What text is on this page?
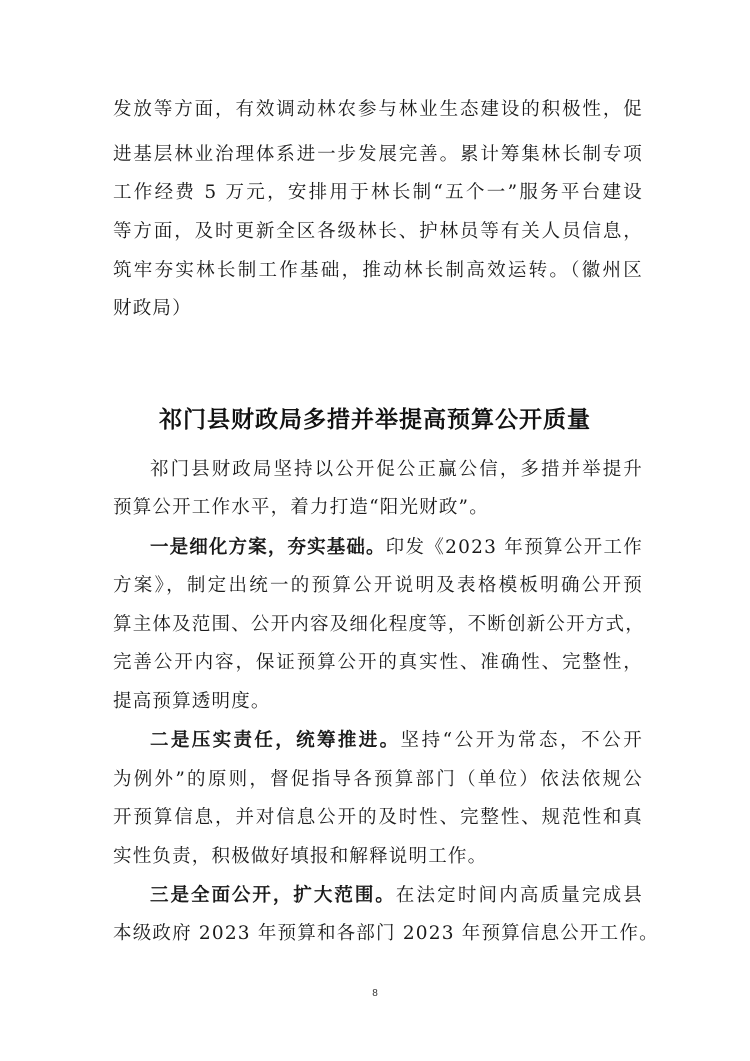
发放等方面，有效调动林农参与林业生态建设的积极性，促
进基层林业治理体系进一步发展完善。累计筹集林长制专项
工作经费 5 万元，安排用于林长制“五个一”服务平台建设
等方面，及时更新全区各级林长、护林员等有关人员信息，
筑牢夯实林长制工作基础，推动林长制高效运转。（徽州区
财政局）
祁门县财政局多措并举提高预算公开质量
祁门县财政局坚持以公开促公正赢公信，多措并举提升
预算公开工作水平，着力打造“阳光财政”。
一是细化方案，夯实基础。印发《2023 年预算公开工作
方案》，制定出统一的预算公开说明及表格模板明确公开预
算主体及范围、公开内容及细化程度等，不断创新公开方式，
完善公开内容，保证预算公开的真实性、准确性、完整性，
提高预算透明度。
二是压实责任，统筹推进。坚持“公开为常态，不公开
为例外”的原则，督促指导各预算部门（单位）依法依规公
开预算信息，并对信息公开的及时性、完整性、规范性和真
实性负责，积极做好填报和解释说明工作。
三是全面公开，扩大范围。在法定时间内高质量完成县
本级政府 2023 年预算和各部门 2023 年预算信息公开工作。
8
